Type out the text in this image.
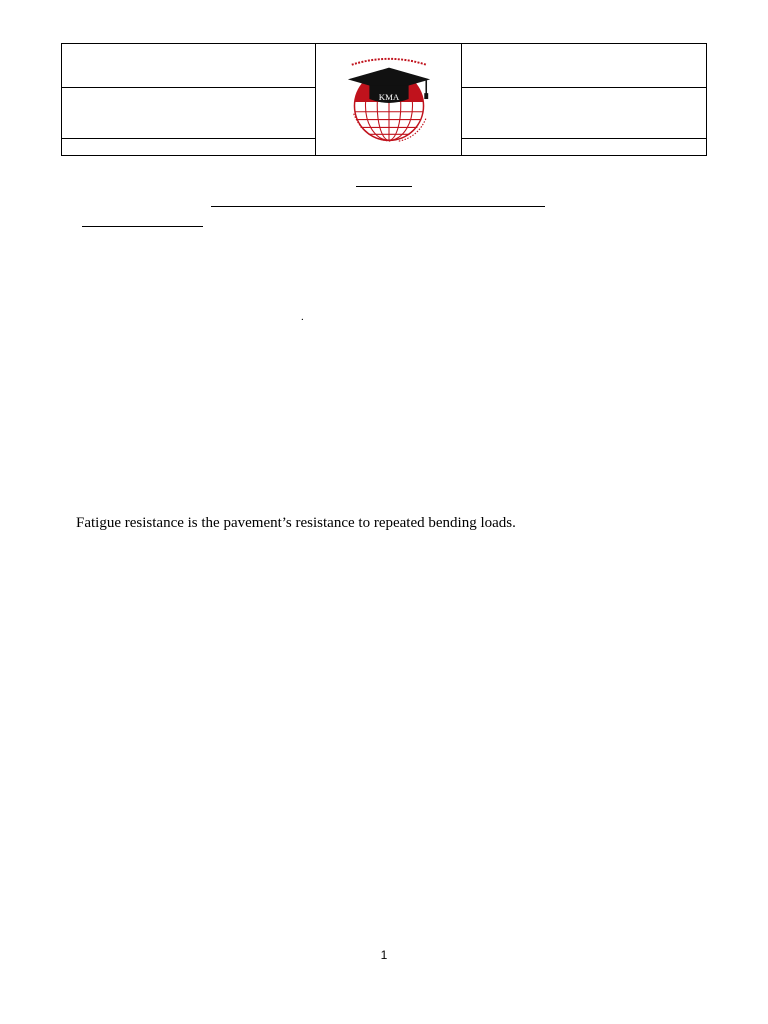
KMA	

.

Fatigue resistance is the pavement’s resistance to repeated bending loads.

1
